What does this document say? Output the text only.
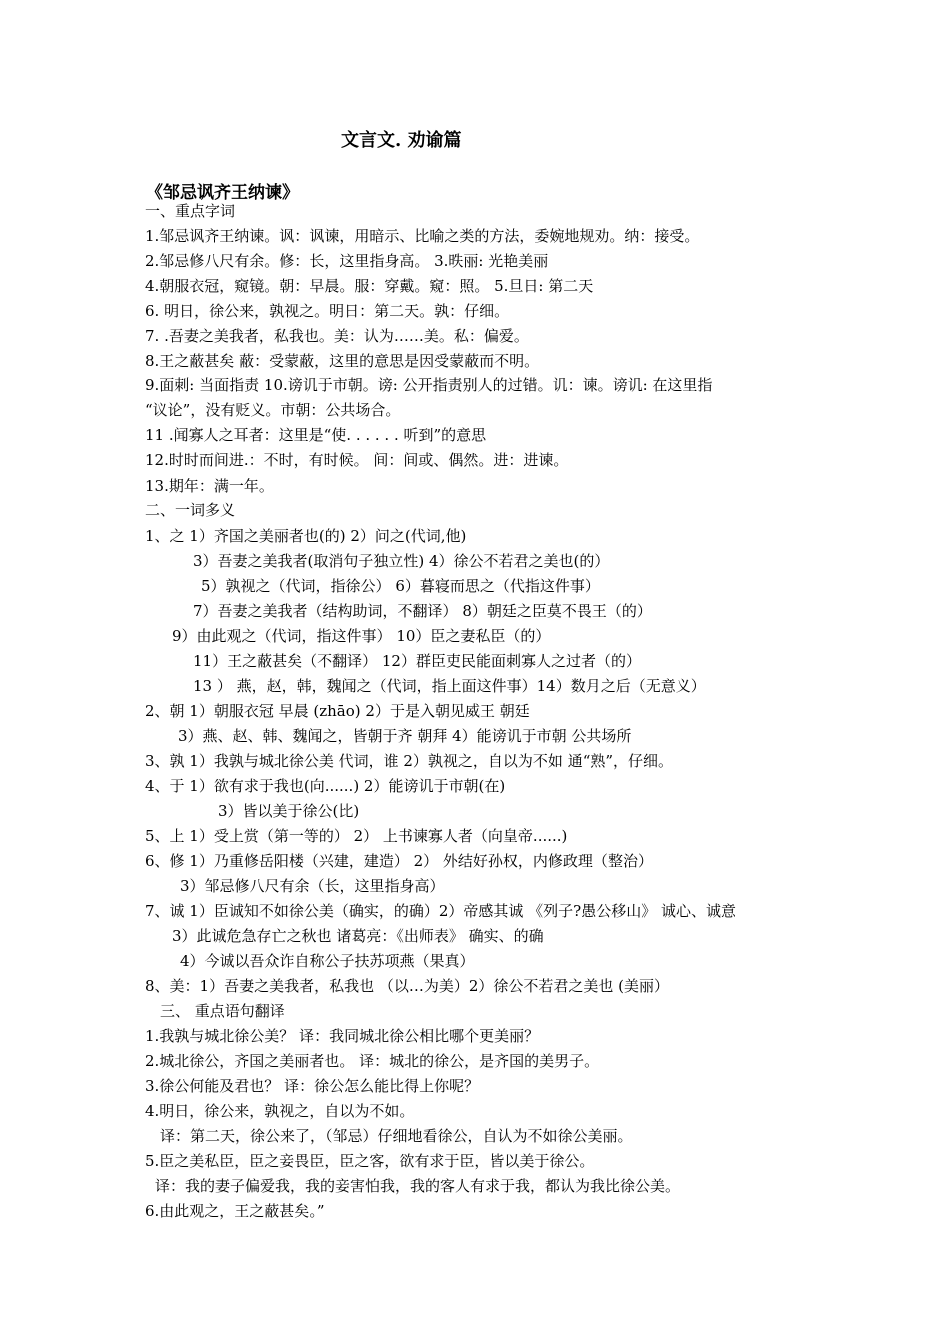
文言文. 劝谕篇
《邹忌讽齐王纳谏》
一、重点字词
1.邹忌讽齐王纳谏。讽：讽谏，用暗示、比喻之类的方法，委婉地规劝。纳：接受。
2.邹忌修八尺有余。修：长，这里指身高。 3.昳丽: 光艳美丽
4.朝服衣冠，窥镜。朝：早晨。服：穿戴。窥：照。 5.旦日: 第二天
6. 明日，徐公来，孰视之。明日：第二天。孰：仔细。
7. .吾妻之美我者，私我也。美：认为……美。私：偏爱。
8.王之蔽甚矣 蔽：受蒙蔽，这里的意思是因受蒙蔽而不明。
9.面刺: 当面指责 10.谤讥于市朝。谤: 公开指责别人的过错。讥：谏。谤讥: 在这里指
“议论”，没有贬义。市朝：公共场合。
11 .闻寡人之耳者：这里是“使. . . . . . 听到”的意思
12.时时而间进.：不时，有时候。 间：间或、偶然。进：进谏。
13.期年：满一年。
二、一词多义
1、之 1）齐国之美丽者也(的) 2）问之(代词,他)
3）吾妻之美我者(取消句子独立性) 4）徐公不若君之美也(的）
5）孰视之（代词，指徐公） 6）暮寝而思之（代指这件事）
7）吾妻之美我者（结构助词，不翻译） 8）朝廷之臣莫不畏王（的）
9）由此观之（代词，指这件事） 10）臣之妻私臣（的）
11）王之蔽甚矣（不翻译） 12）群臣吏民能面刺寡人之过者（的）
13 ） 燕，赵，韩，魏闻之（代词，指上面这件事）14）数月之后（无意义）
2、朝 1）朝服衣冠 早晨 (zhāo) 2）于是入朝见威王 朝廷
3）燕、赵、韩、魏闻之，皆朝于齐 朝拜 4）能谤讥于市朝 公共场所
3、孰 1）我孰与城北徐公美 代词，谁 2）孰视之，自以为不如 通“熟”，仔细。
4、于 1）欲有求于我也(向......) 2）能谤讥于市朝(在)
3）皆以美于徐公(比)
5、上 1）受上赏（第一等的） 2） 上书谏寡人者（向皇帝......)
6、修 1）乃重修岳阳楼（兴建，建造） 2） 外结好孙权，内修政理（整治）
3）邹忌修八尺有余（长，这里指身高）
7、诚 1）臣诚知不如徐公美（确实，的确）2）帝感其诚 《列子?愚公移山》 诚心、诚意
3）此诚危急存亡之秋也 诸葛亮：《出师表》 确实、的确
4）今诚以吾众诈自称公子扶苏项燕（果真）
8、美：1）吾妻之美我者，私我也 （以…为美）2）徐公不若君之美也 (美丽）
三、 重点语句翻译
1.我孰与城北徐公美？ 译：我同城北徐公相比哪个更美丽？
2.城北徐公，齐国之美丽者也。 译：城北的徐公，是齐国的美男子。
3.徐公何能及君也？ 译：徐公怎么能比得上你呢？
4.明日，徐公来，孰视之，自以为不如。
译：第二天，徐公来了，（邹忌）仔细地看徐公，自认为不如徐公美丽。
5.臣之美私臣，臣之妾畏臣，臣之客，欲有求于臣，皆以美于徐公。
译：我的妻子偏爱我，我的妾害怕我，我的客人有求于我，都认为我比徐公美。
6.由此观之，王之蔽甚矣。”
